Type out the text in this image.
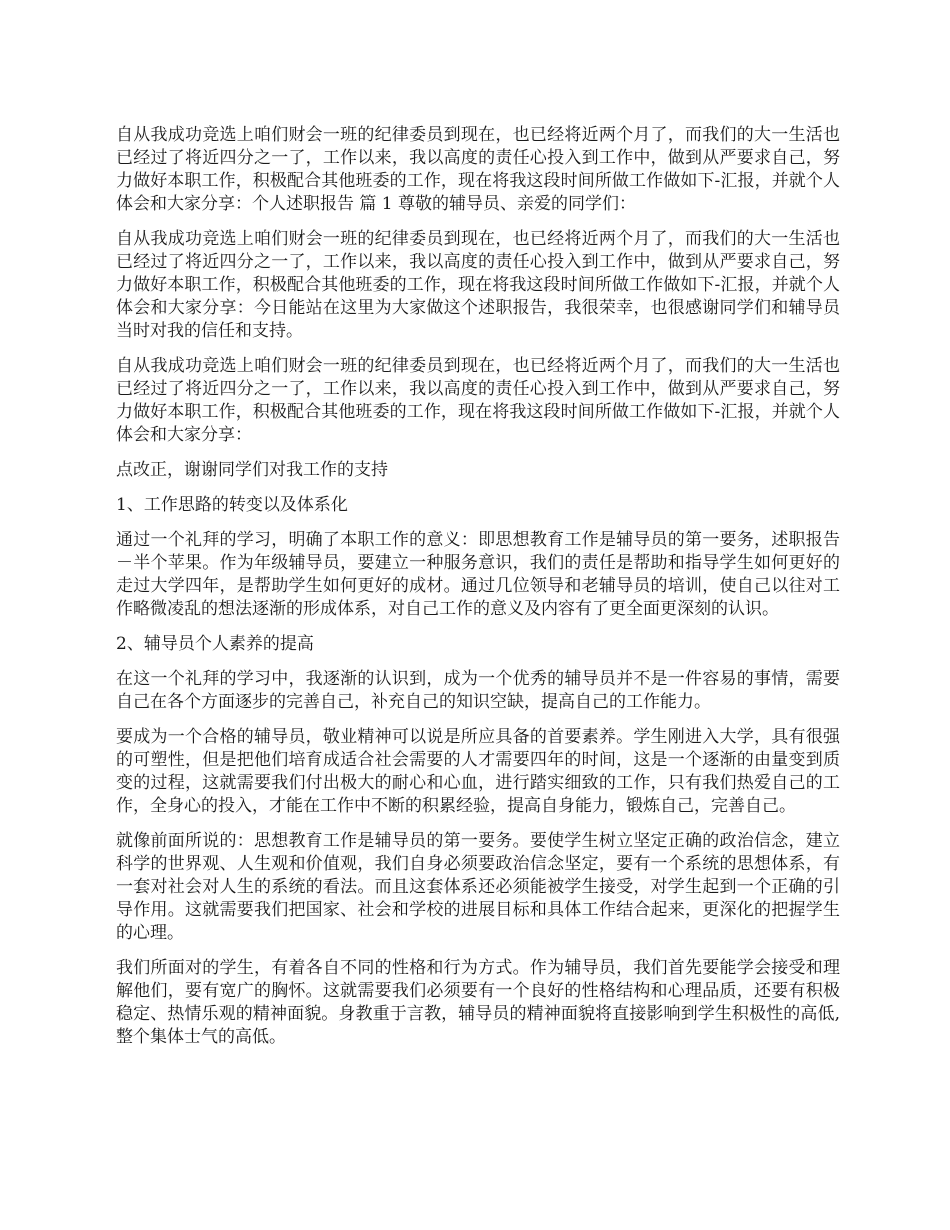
自从我成功竞选上咱们财会一班的纪律委员到现在，也已经将近两个月了，而我们的大一生活也已经过了将近四分之一了，工作以来，我以高度的责任心投入到工作中，做到从严要求自己，努力做好本职工作，积极配合其他班委的工作，现在将我这段时间所做工作做如下-汇报，并就个人体会和大家分享：个人述职报告 篇 1 尊敬的辅导员、亲爱的同学们：

自从我成功竞选上咱们财会一班的纪律委员到现在，也已经将近两个月了，而我们的大一生活也已经过了将近四分之一了，工作以来，我以高度的责任心投入到工作中，做到从严要求自己，努力做好本职工作，积极配合其他班委的工作，现在将我这段时间所做工作做如下-汇报，并就个人体会和大家分享：今日能站在这里为大家做这个述职报告，我很荣幸，也很感谢同学们和辅导员当时对我的信任和支持。

自从我成功竞选上咱们财会一班的纪律委员到现在，也已经将近两个月了，而我们的大一生活也已经过了将近四分之一了，工作以来，我以高度的责任心投入到工作中，做到从严要求自己，努力做好本职工作，积极配合其他班委的工作，现在将我这段时间所做工作做如下-汇报，并就个人体会和大家分享：

点改正，谢谢同学们对我工作的支持

1、工作思路的转变以及体系化

通过一个礼拜的学习，明确了本职工作的意义：即思想教育工作是辅导员的第一要务，述职报告－半个苹果。作为年级辅导员，要建立一种服务意识，我们的责任是帮助和指导学生如何更好的走过大学四年，是帮助学生如何更好的成材。通过几位领导和老辅导员的培训，使自己以往对工作略微凌乱的想法逐渐的形成体系，对自己工作的意义及内容有了更全面更深刻的认识。

2、辅导员个人素养的提高

在这一个礼拜的学习中，我逐渐的认识到，成为一个优秀的辅导员并不是一件容易的事情，需要自己在各个方面逐步的完善自己，补充自己的知识空缺，提高自己的工作能力。

要成为一个合格的辅导员，敬业精神可以说是所应具备的首要素养。学生刚进入大学，具有很强的可塑性，但是把他们培育成适合社会需要的人才需要四年的时间，这是一个逐渐的由量变到质变的过程，这就需要我们付出极大的耐心和心血，进行踏实细致的工作，只有我们热爱自己的工作，全身心的投入，才能在工作中不断的积累经验，提高自身能力，锻炼自己，完善自己。

就像前面所说的：思想教育工作是辅导员的第一要务。要使学生树立坚定正确的政治信念，建立科学的世界观、人生观和价值观，我们自身必须要政治信念坚定，要有一个系统的思想体系，有一套对社会对人生的系统的看法。而且这套体系还必须能被学生接受，对学生起到一个正确的引导作用。这就需要我们把国家、社会和学校的进展目标和具体工作结合起来，更深化的把握学生的心理。

我们所面对的学生，有着各自不同的性格和行为方式。作为辅导员，我们首先要能学会接受和理解他们，要有宽广的胸怀。这就需要我们必须要有一个良好的性格结构和心理品质，还要有积极稳定、热情乐观的精神面貌。身教重于言教，辅导员的精神面貌将直接影响到学生积极性的高低,整个集体士气的高低。
